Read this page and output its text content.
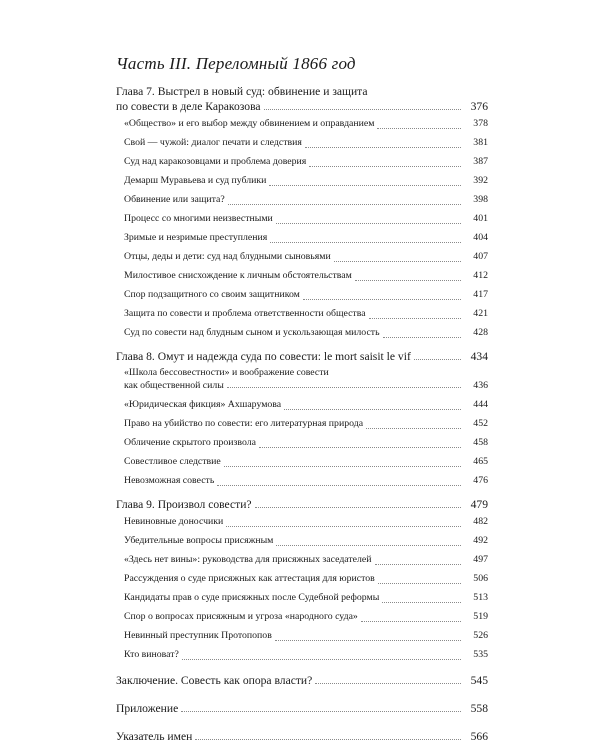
Часть III. Переломный 1866 год
Глава 7. Выстрел в новый суд: обвинение и защита
по совести в деле Каракозова	376
«Общество» и его выбор между обвинением и оправданием	378
Свой — чужой: диалог печати и следствия	381
Суд над каракозовцами и проблема доверия	387
Демарш Муравьева и суд публики	392
Обвинение или защита?	398
Процесс со многими неизвестными	401
Зримые и незримые преступления	404
Отцы, деды и дети: суд над блудными сыновьями	407
Милостивое снисхождение к личным обстоятельствам	412
Спор подзащитного со своим защитником	417
Защита по совести и проблема ответственности общества	421
Суд по совести над блудным сыном и ускользающая милость	428
Глава 8. Омут и надежда суда по совести: le mort saisit le vif	434
«Школа бессовестности» и воображение совести
как общественной силы	436
«Юридическая фикция» Ахшарумова	444
Право на убийство по совести: его литературная природа	452
Обличение скрытого произвола	458
Совестливое следствие	465
Невозможная совесть	476
Глава 9. Произвол совести?	479
Невиновные доносчики	482
Убедительные вопросы присяжным	492
«Здесь нет вины»: руководства для присяжных заседателей	497
Рассуждения о суде присяжных как аттестация для юристов	506
Кандидаты прав о суде присяжных после Судебной реформы	513
Спор о вопросах присяжным и угроза «народного суда»	519
Невинный преступник Протопопов	526
Кто виноват?	535
Заключение. Совесть как опора власти?	545
Приложение	558
Указатель имен	566
